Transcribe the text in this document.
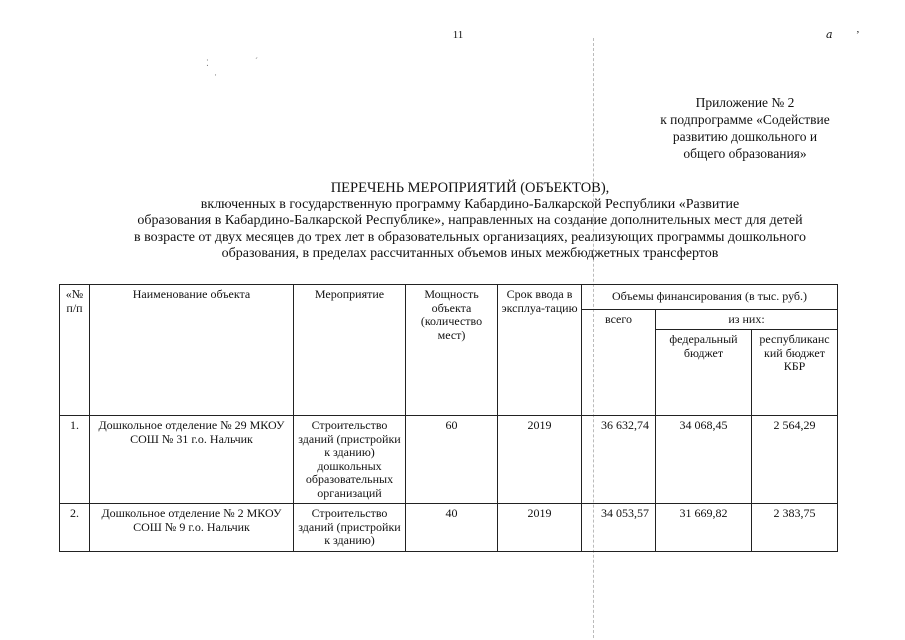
11	𝑎 ʼ
⁚
·
ˊ
Приложение № 2
к подпрограмме «Содействие
развитию дошкольного и
общего образования»
ПЕРЕЧЕНЬ МЕРОПРИЯТИЙ (ОБЪЕКТОВ),
включенных в государственную программу Кабардино-Балкарской Республики «Развитие
образования в Кабардино-Балкарской Республике», направленных на создание дополнительных мест для детей
в возрасте от двух месяцев до трех лет в образовательных организациях, реализующих программы дошкольного
образования, в пределах рассчитанных объемов иных межбюджетных трансфертов
«№ п/п	Наименование объекта	Мероприятие	Мощность объекта (количество мест)	Срок ввода в эксплуа-тацию	Объемы финансирования (в тыс. руб.)		
					всего	из них:	
						федеральный бюджет	республиканс кий бюджет КБР
1.	Дошкольное отделение № 29 МКОУ СОШ № 31 г.о. Нальчик	Строительство зданий (пристройки к зданию) дошкольных образовательных организаций	60	2019	36 632,74	34 068,45	2 564,29
2.	Дошкольное отделение № 2 МКОУ СОШ № 9 г.о. Нальчик	Строительство зданий (пристройки к зданию)	40	2019	34 053,57	31 669,82	2 383,75
